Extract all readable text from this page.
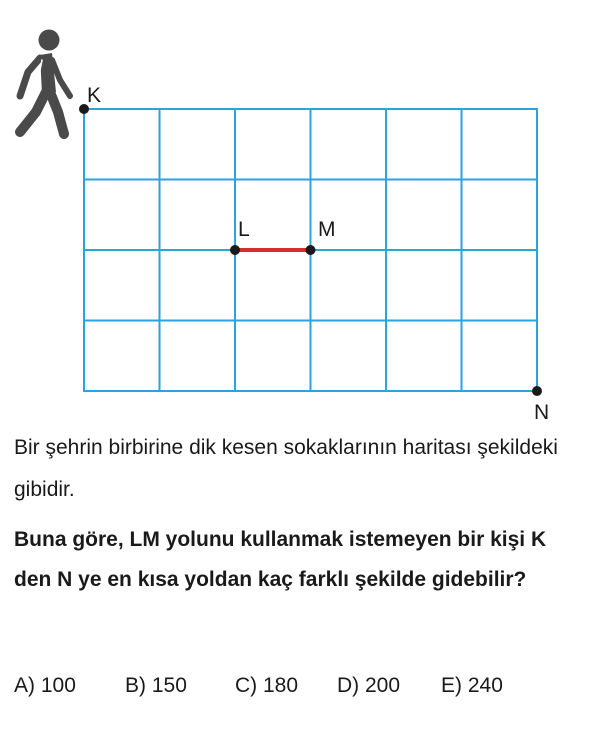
K
L	M
N
Bir şehrin birbirine dik kesen sokaklarının haritası şekildeki gibidir.
Buna göre, LM yolunu kullanmak istemeyen bir kişi K den N ye en kısa yoldan kaç farklı şekilde gidebilir?
A) 100 B) 150 C) 180 D) 200 E) 240
